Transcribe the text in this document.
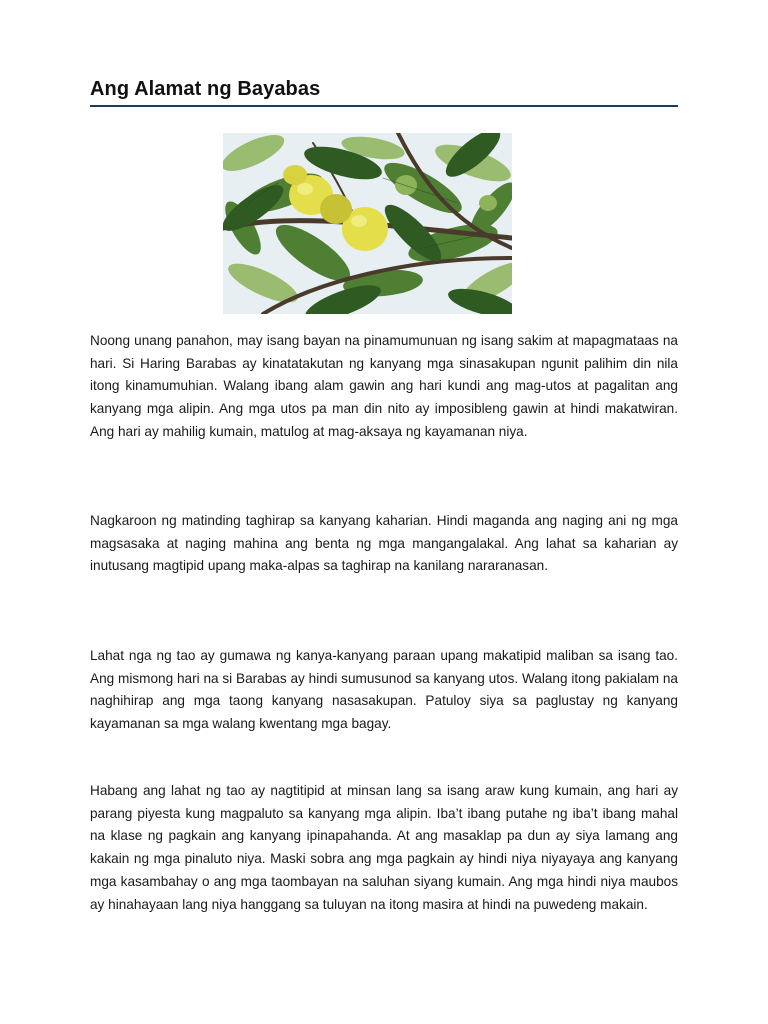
Ang Alamat ng Bayabas

Noong unang panahon, may isang bayan na pinamumunuan ng isang sakim at mapagmataas na hari. Si Haring Barabas ay kinatatakutan ng kanyang mga sinasakupan ngunit palihim din nila itong kinamumuhian. Walang ibang alam gawin ang hari kundi ang mag-utos at pagalitan ang kanyang mga alipin. Ang mga utos pa man din nito ay imposibleng gawin at hindi makatwiran. Ang hari ay mahilig kumain, matulog at mag-aksaya ng kayamanan niya.

Nagkaroon ng matinding taghirap sa kanyang kaharian. Hindi maganda ang naging ani ng mga magsasaka at naging mahina ang benta ng mga mangangalakal. Ang lahat sa kaharian ay inutusang magtipid upang maka-alpas sa taghirap na kanilang nararanasan.

Lahat nga ng tao ay gumawa ng kanya-kanyang paraan upang makatipid maliban sa isang tao. Ang mismong hari na si Barabas ay hindi sumusunod sa kanyang utos. Walang itong pakialam na naghihirap ang mga taong kanyang nasasakupan. Patuloy siya sa paglustay ng kanyang kayamanan sa mga walang kwentang mga bagay.

Habang ang lahat ng tao ay nagtitipid at minsan lang sa isang araw kung kumain, ang hari ay parang piyesta kung magpaluto sa kanyang mga alipin. Iba’t ibang putahe ng iba’t ibang mahal na klase ng pagkain ang kanyang ipinapahanda. At ang masaklap pa dun ay siya lamang ang kakain ng mga pinaluto niya. Maski sobra ang mga pagkain ay hindi niya niyayaya ang kanyang mga kasambahay o ang mga taombayan na saluhan siyang kumain. Ang mga hindi niya maubos ay hinahayaan lang niya hanggang sa tuluyan na itong masira at hindi na puwedeng makain.
